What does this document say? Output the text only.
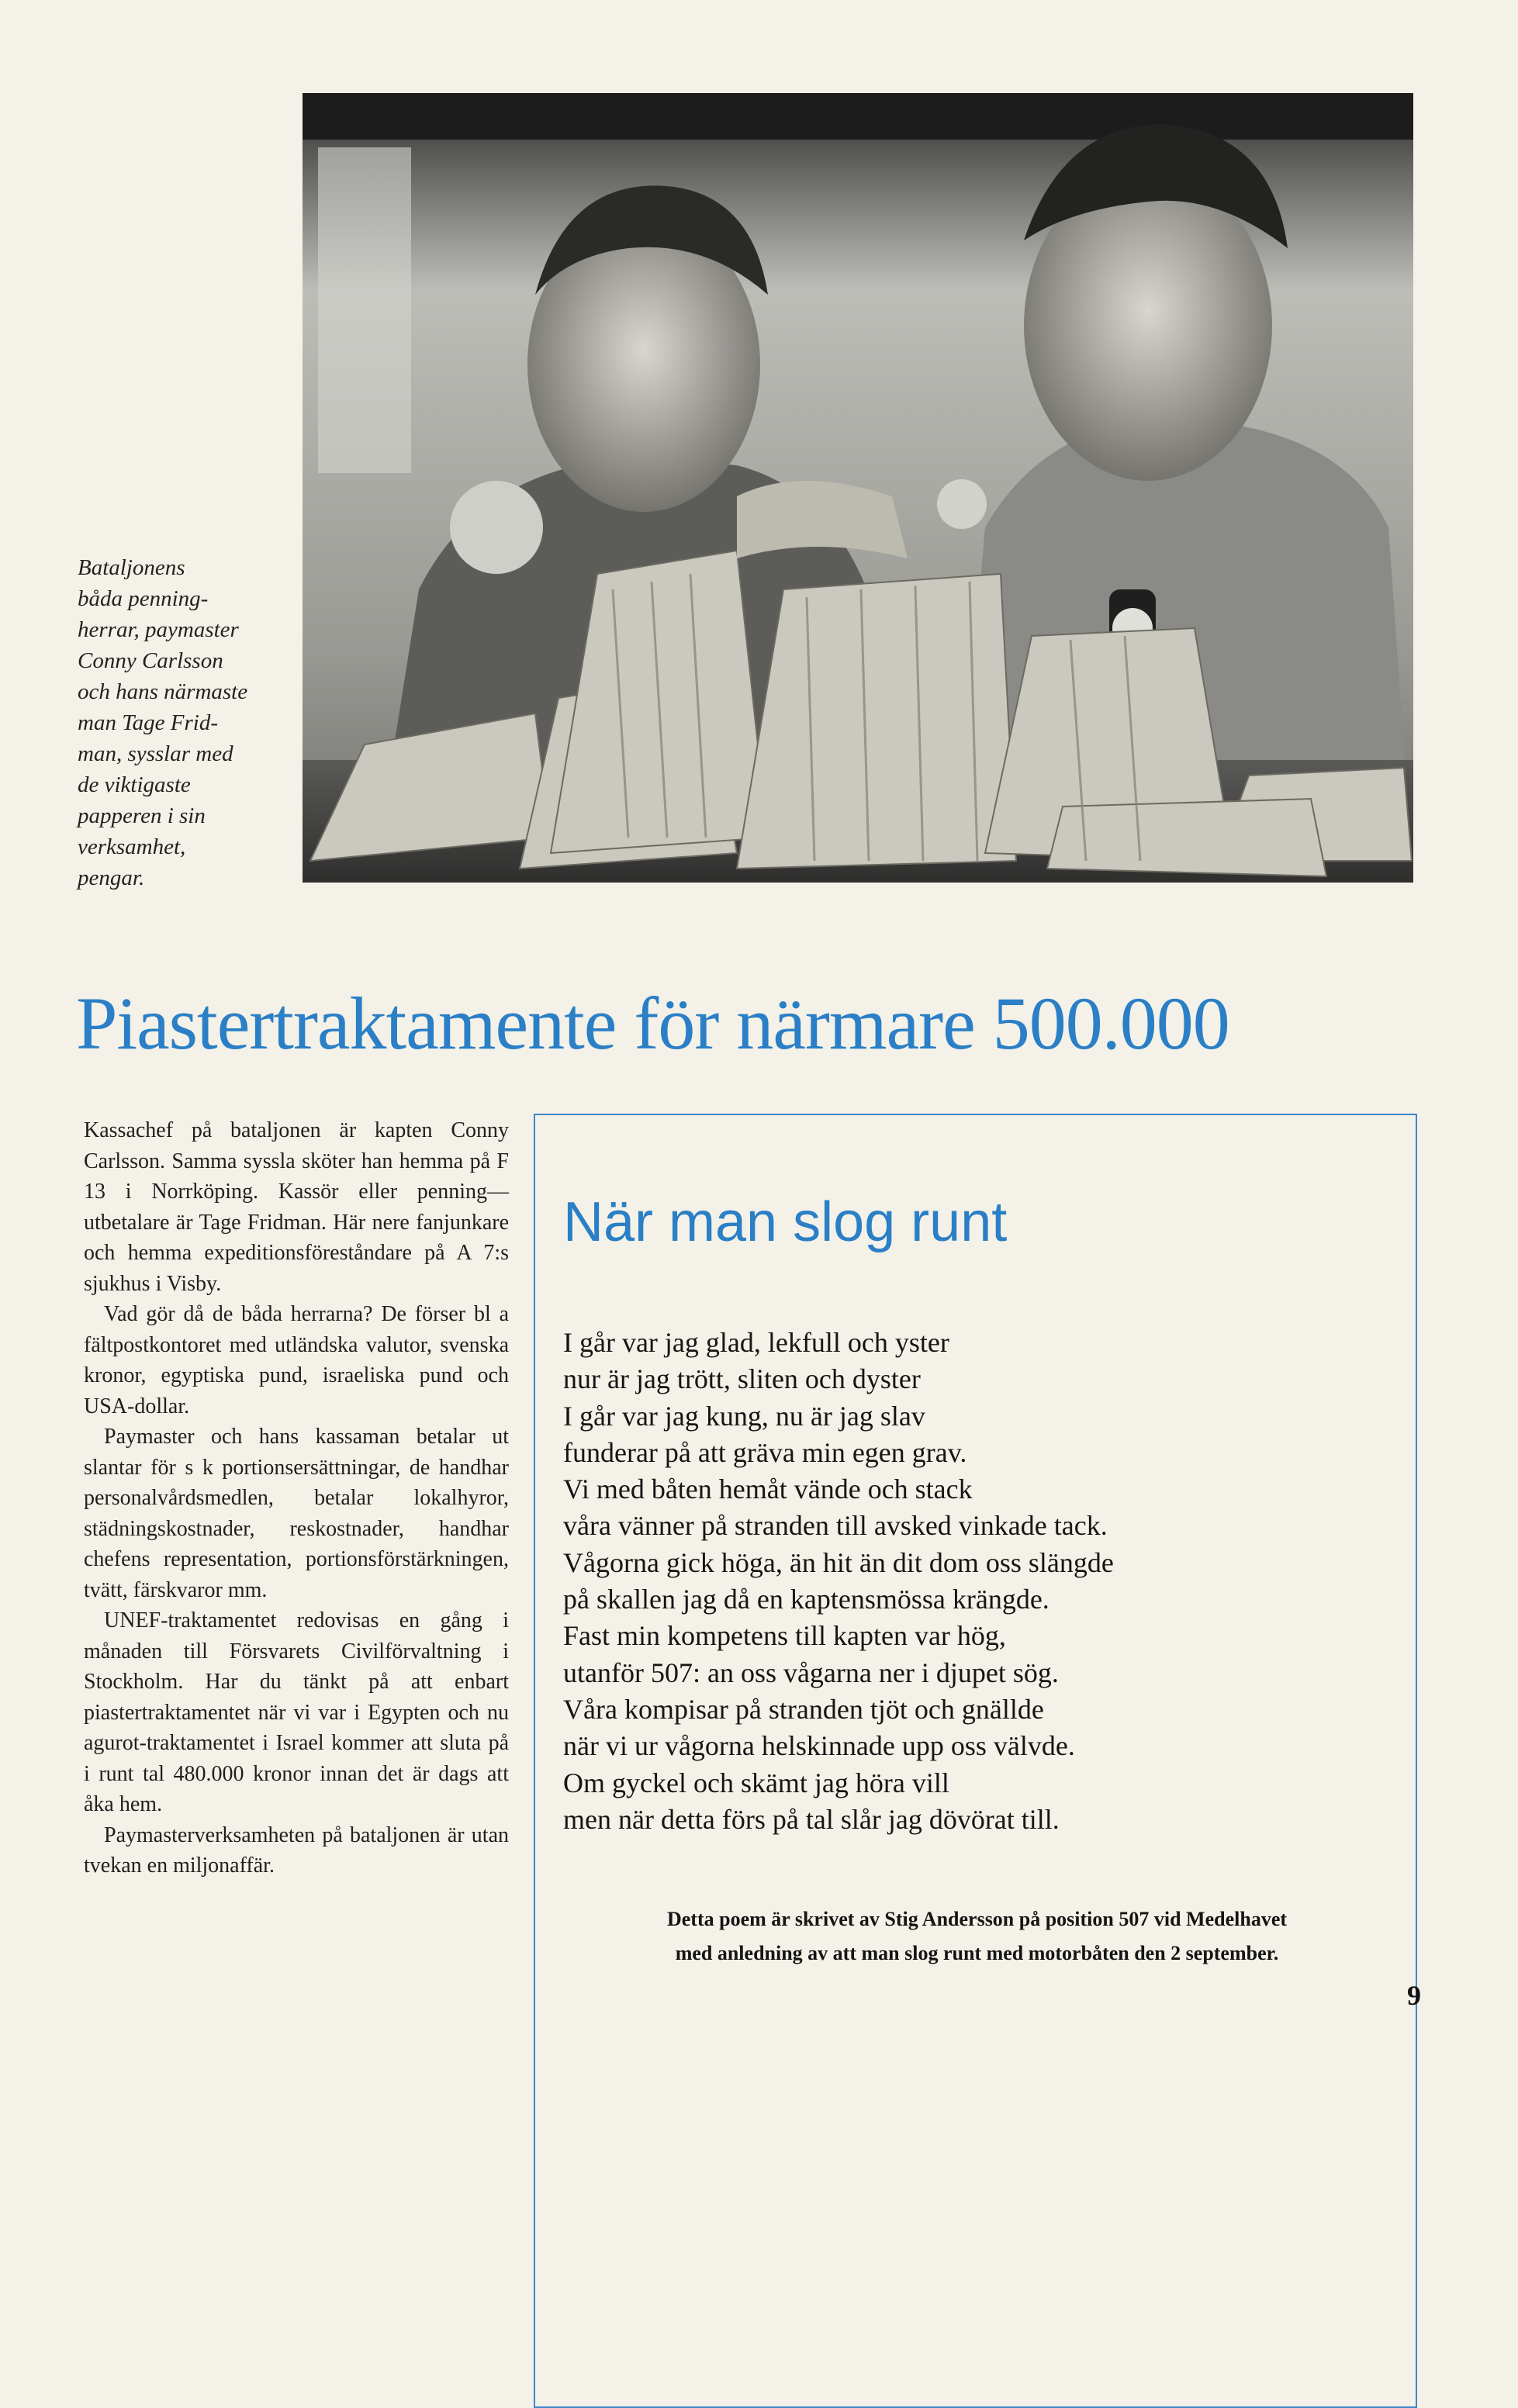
Bataljonens
båda penning-
herrar, paymaster
Conny Carlsson
och hans närmaste
man Tage Frid-
man, sysslar med
de viktigaste
papperen i sin
verksamhet,
pengar.
Piastertraktamente för närmare 500.000

Kassachef på bataljonen är kapten Conny Carlsson. Samma syssla sköter han hemma på F 13 i Norrköping. Kassör eller penning—utbetalare är Tage Fridman. Här nere fanjunkare och hemma expeditionsföreståndare på A 7:s sjukhus i Visby.

Vad gör då de båda herrarna? De förser bl a fältpostkontoret med utländska valutor, svenska kronor, egyptiska pund, israeliska pund och USA-dollar.

Paymaster och hans kassaman betalar ut slantar för s k portionsersättningar, de handhar personalvårdsmedlen, betalar lokalhyror, städningskostnader, reskostnader, handhar chefens representation, portionsförstärkningen, tvätt, färskvaror mm.

UNEF-traktamentet redovisas en gång i månaden till Försvarets Civilförvaltning i Stockholm. Har du tänkt på att enbart piastertraktamentet när vi var i Egypten och nu agurot-traktamentet i Israel kommer att sluta på i runt tal 480.000 kronor innan det är dags att åka hem.

Paymasterverksamheten på bataljonen är utan tvekan en miljonaffär.

När man slog runt
I går var jag glad, lekfull och yster
nur är jag trött, sliten och dyster
I går var jag kung, nu är jag slav
funderar på att gräva min egen grav.
Vi med båten hemåt vände och stack
våra vänner på stranden till avsked vinkade tack.
Vågorna gick höga, än hit än dit dom oss slängde
på skallen jag då en kaptensmössa krängde.
Fast min kompetens till kapten var hög,
utanför 507: an oss vågarna ner i djupet sög.
Våra kompisar på stranden tjöt och gnällde
när vi ur vågorna helskinnade upp oss välvde.
Om gyckel och skämt jag höra vill
men när detta förs på tal slår jag dövörat till.
Detta poem är skrivet av Stig Andersson på position 507 vid Medelhavet
med anledning av att man slog runt med motorbåten den 2 september.
9
